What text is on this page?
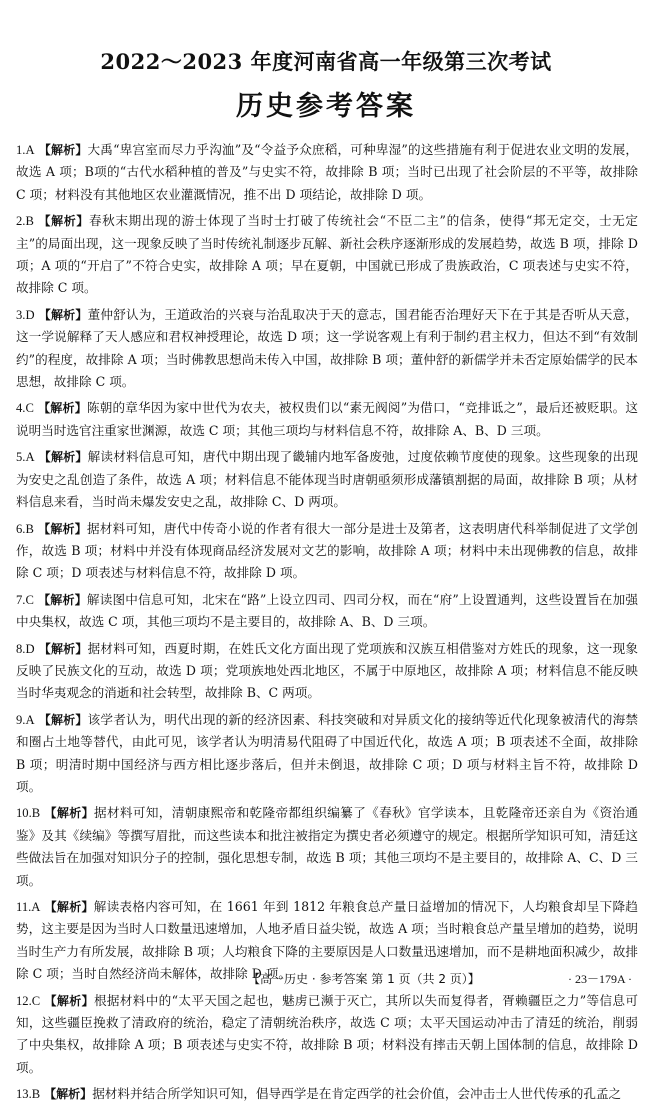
2022～2023 年度河南省高一年级第三次考试
历史参考答案

1.A 【解析】大禹“卑宫室而尽力乎沟洫”及“令益予众庶稻，可种卑湿”的这些措施有利于促进农业文明的发展，故选 A 项；B项的“古代水稻种植的普及”与史实不符，故排除 B 项；当时已出现了社会阶层的不平等，故排除 C 项；材料没有其他地区农业灌溉情况，推不出 D 项结论，故排除 D 项。

2.B 【解析】春秋末期出现的游士体现了当时士打破了传统社会“不臣二主”的信条，使得“邦无定交，士无定主”的局面出现，这一现象反映了当时传统礼制逐步瓦解、新社会秩序逐渐形成的发展趋势，故选 B 项，排除 D 项；A 项的“开启了”不符合史实，故排除 A 项；早在夏朝，中国就已形成了贵族政治，C 项表述与史实不符，故排除 C 项。

3.D 【解析】董仲舒认为，王道政治的兴衰与治乱取决于天的意志，国君能否治理好天下在于其是否听从天意，这一学说解释了天人感应和君权神授理论，故选 D 项；这一学说客观上有利于制约君主权力，但达不到“有效制约”的程度，故排除 A 项；当时佛教思想尚未传入中国，故排除 B 项；董仲舒的新儒学并未否定原始儒学的民本思想，故排除 C 项。

4.C 【解析】陈朝的章华因为家中世代为农夫，被权贵们以“素无阀阅”为借口，“竞排诋之”，最后还被贬职。这说明当时选官注重家世渊源，故选 C 项；其他三项均与材料信息不符，故排除 A、B、D 三项。

5.A 【解析】解读材料信息可知，唐代中期出现了畿辅内地军备废弛，过度依赖节度使的现象。这些现象的出现为安史之乱创造了条件，故选 A 项；材料信息不能体现当时唐朝亟须形成藩镇割据的局面，故排除 B 项；从材料信息来看，当时尚未爆发安史之乱，故排除 C、D 两项。

6.B 【解析】据材料可知，唐代中传奇小说的作者有很大一部分是进士及第者，这表明唐代科举制促进了文学创作，故选 B 项；材料中并没有体现商品经济发展对文艺的影响，故排除 A 项；材料中未出现佛教的信息，故排除 C 项；D 项表述与材料信息不符，故排除 D 项。

7.C 【解析】解读图中信息可知，北宋在“路”上设立四司、四司分权，而在“府”上设置通判，这些设置旨在加强中央集权，故选 C 项，其他三项均不是主要目的，故排除 A、B、D 三项。

8.D 【解析】据材料可知，西夏时期，在姓氏文化方面出现了党项族和汉族互相借鉴对方姓氏的现象，这一现象反映了民族文化的互动，故选 D 项；党项族地处西北地区，不属于中原地区，故排除 A 项；材料信息不能反映当时华夷观念的消逝和社会转型，故排除 B、C 两项。

9.A 【解析】该学者认为，明代出现的新的经济因素、科技突破和对异质文化的接纳等近代化现象被清代的海禁和圈占土地等替代，由此可见，该学者认为明清易代阻碍了中国近代化，故选 A 项；B 项表述不全面，故排除 B 项；明清时期中国经济与西方相比逐步落后，但并未倒退，故排除 C 项；D 项与材料主旨不符，故排除 D 项。

10.B 【解析】据材料可知，清朝康熙帝和乾隆帝都组织编纂了《春秋》官学读本，且乾隆帝还亲自为《资治通鉴》及其《续编》等撰写眉批，而这些读本和批注被指定为撰史者必须遵守的规定。根据所学知识可知，清廷这些做法旨在加强对知识分子的控制，强化思想专制，故选 B 项；其他三项均不是主要目的，故排除 A、C、D 三项。

11.A 【解析】解读表格内容可知，在 1661 年到 1812 年粮食总产量日益增加的情况下，人均粮食却呈下降趋势，这主要是因为当时人口数量迅速增加，人地矛盾日益尖锐，故选 A 项；当时粮食总产量呈增加的趋势，说明当时生产力有所发展，故排除 B 项；人均粮食下降的主要原因是人口数量迅速增加，而不是耕地面积减少，故排除 C 项；当时自然经济尚未解体，故排除 D 项。

12.C 【解析】根据材料中的“太平天国之起也，魅虏已濒于灭亡，其所以失而复得者，胥赖疆臣之力”等信息可知，这些疆臣挽救了清政府的统治，稳定了清朝统治秩序，故选 C 项；太平天国运动冲击了清廷的统治，削弱了中央集权，故排除 A 项；B 项表述与史实不符，故排除 B 项；材料没有摔击天朝上国体制的信息，故排除 D 项。

13.B 【解析】据材料并结合所学知识可知，倡导西学是在肯定西学的社会价值，会冲击士人世代传承的孔孟之

【高一历史 · 参考答案 第 1 页（共 2 页）】	· 23－179A ·
